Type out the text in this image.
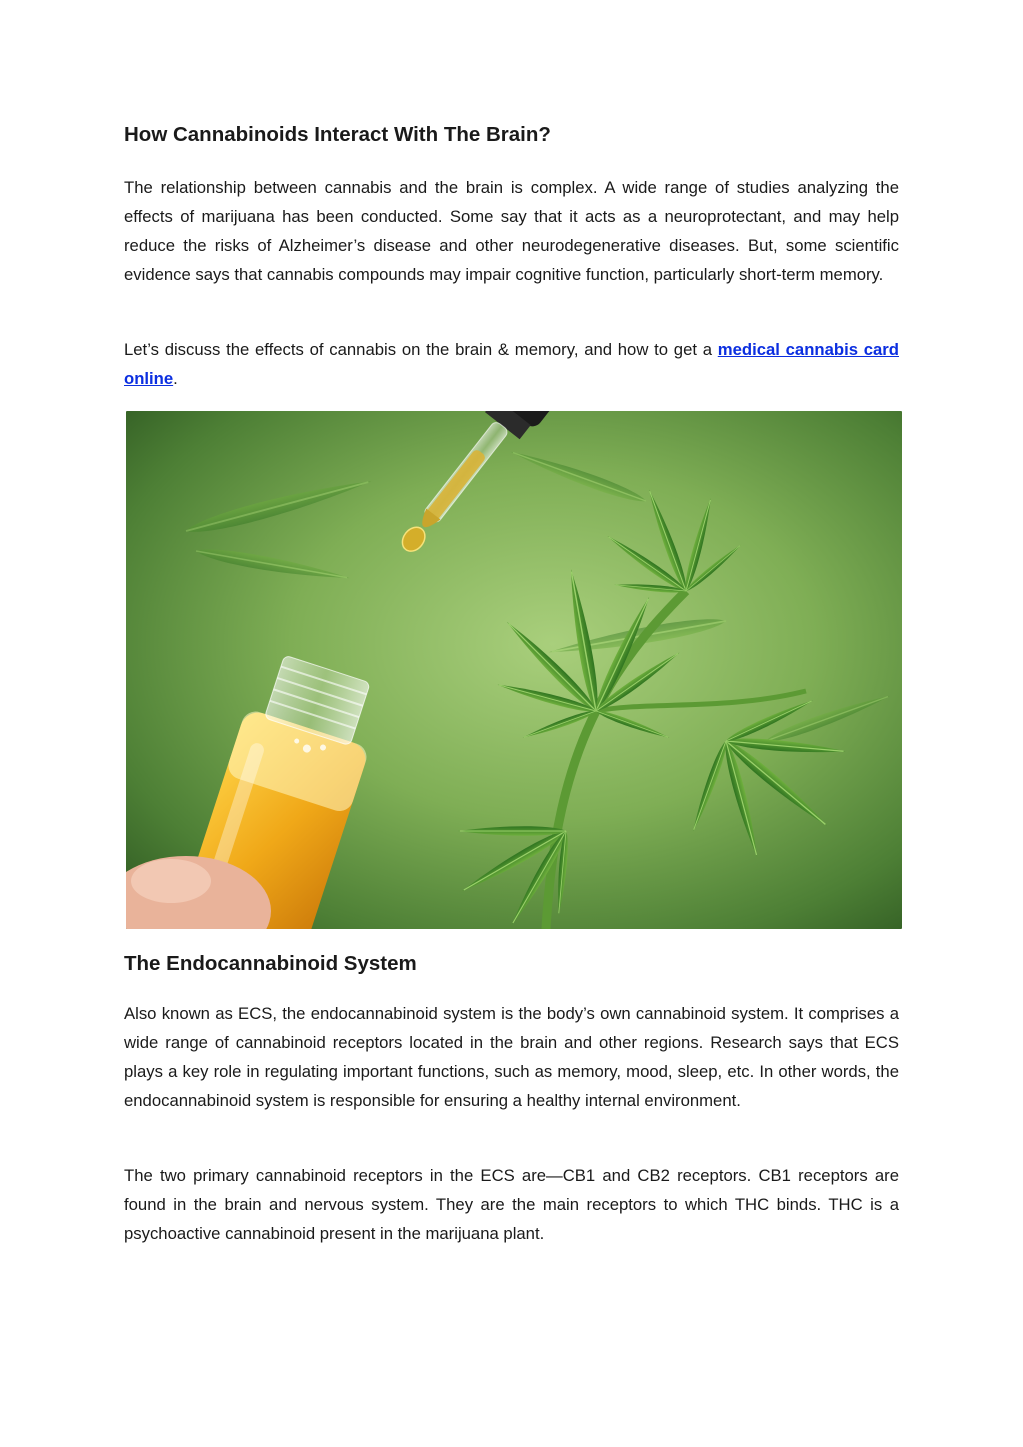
How Cannabinoids Interact With The Brain?

The relationship between cannabis and the brain is complex. A wide range of studies analyzing the effects of marijuana has been conducted. Some say that it acts as a neuroprotectant, and may help reduce the risks of Alzheimer’s disease and other neurodegenerative diseases. But, some scientific evidence says that cannabis compounds may impair cognitive function, particularly short-term memory.

Let’s discuss the effects of cannabis on the brain & memory, and how to get a medical cannabis card online.

The Endocannabinoid System

Also known as ECS, the endocannabinoid system is the body’s own cannabinoid system. It comprises a wide range of cannabinoid receptors located in the brain and other regions. Research says that ECS plays a key role in regulating important functions, such as memory, mood, sleep, etc. In other words, the endocannabinoid system is responsible for ensuring a healthy internal environment.

The two primary cannabinoid receptors in the ECS are—CB1 and CB2 receptors. CB1 receptors are found in the brain and nervous system. They are the main receptors to which THC binds. THC is a psychoactive cannabinoid present in the marijuana plant.
